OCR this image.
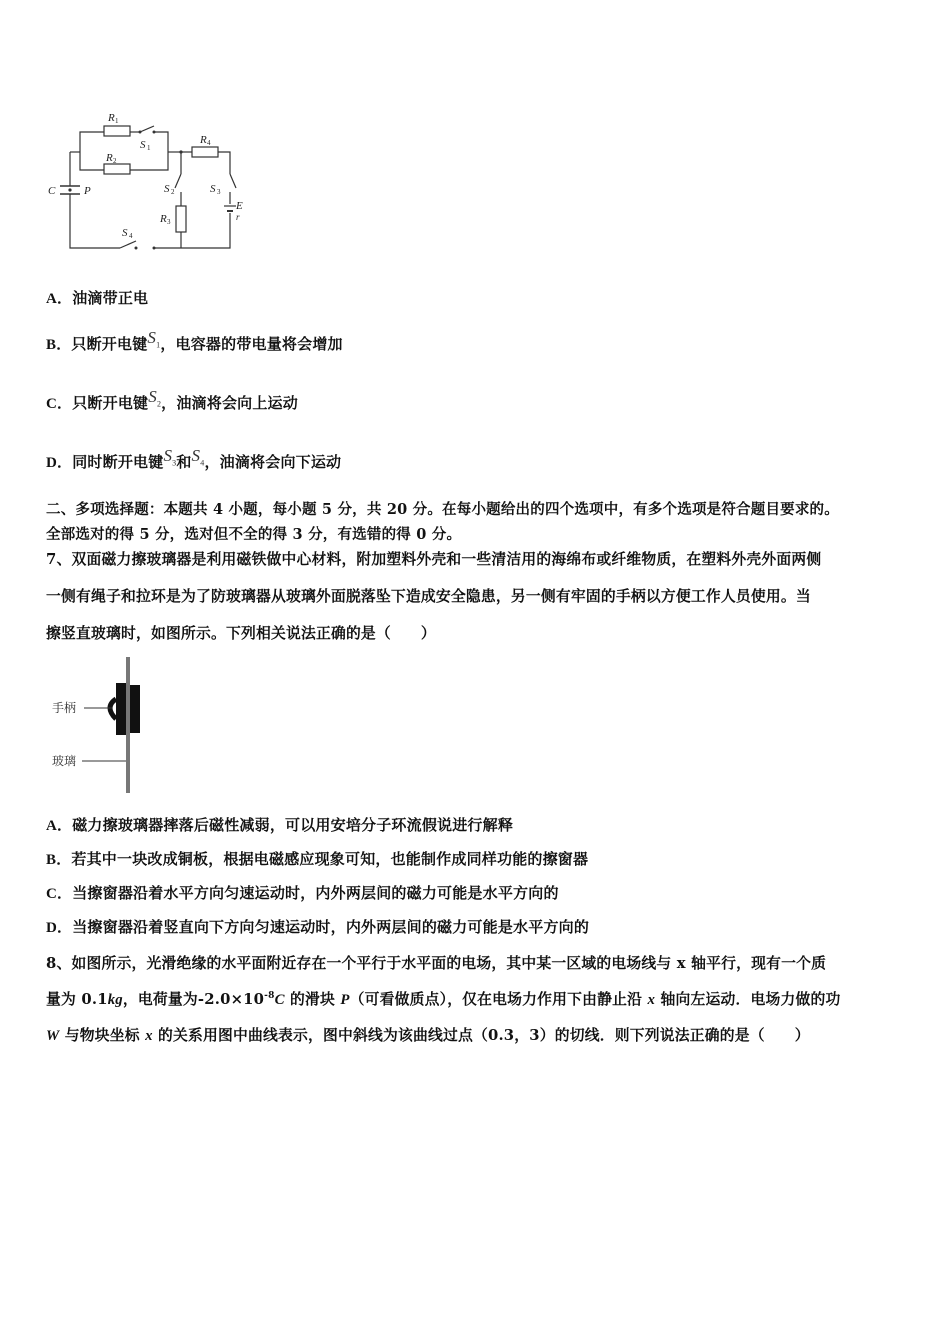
R 1
S 1
R 2
R 4
S 2	S 3
R 3
E
r
C	P
S 4
A．油滴带正电
B．只断开电键$S_1$，电容器的带电量将会增加
C．只断开电键$S_2$，油滴将会向上运动
D．同时断开电键$S_3$和$S_4$，油滴将会向下运动
二、多项选择题：本题共 4 小题，每小题 5 分，共 20 分。在每小题给出的四个选项中，有多个选项是符合题目要求的。
全部选对的得 5 分，选对但不全的得 3 分，有选错的得 0 分。
7、双面磁力擦玻璃器是利用磁铁做中心材料，附加塑料外壳和一些清洁用的海绵布或纤维物质，在塑料外壳外面两侧
一侧有绳子和拉环是为了防玻璃器从玻璃外面脱落坠下造成安全隐患，另一侧有牢固的手柄以方便工作人员使用。当
擦竖直玻璃时，如图所示。下列相关说法正确的是（　　）
手柄
玻璃
A．磁力擦玻璃器摔落后磁性减弱，可以用安培分子环流假说进行解释
B．若其中一块改成铜板，根据电磁感应现象可知，也能制作成同样功能的擦窗器
C．当擦窗器沿着水平方向匀速运动时，内外两层间的磁力可能是水平方向的
D．当擦窗器沿着竖直向下方向匀速运动时，内外两层间的磁力可能是水平方向的
8、如图所示，光滑绝缘的水平面附近存在一个平行于水平面的电场，其中某一区域的电场线与 x 轴平行，现有一个质
量为 0.1kg，电荷量为$-2.0\times 10^{-8}C$ 的滑块 P（可看做质点），仅在电场力作用下由静止沿 x 轴向左运动．电场力做的功
W 与物块坐标 x 的关系用图中曲线表示，图中斜线为该曲线过点（0.3，3）的切线．则下列说法正确的是（　　）
